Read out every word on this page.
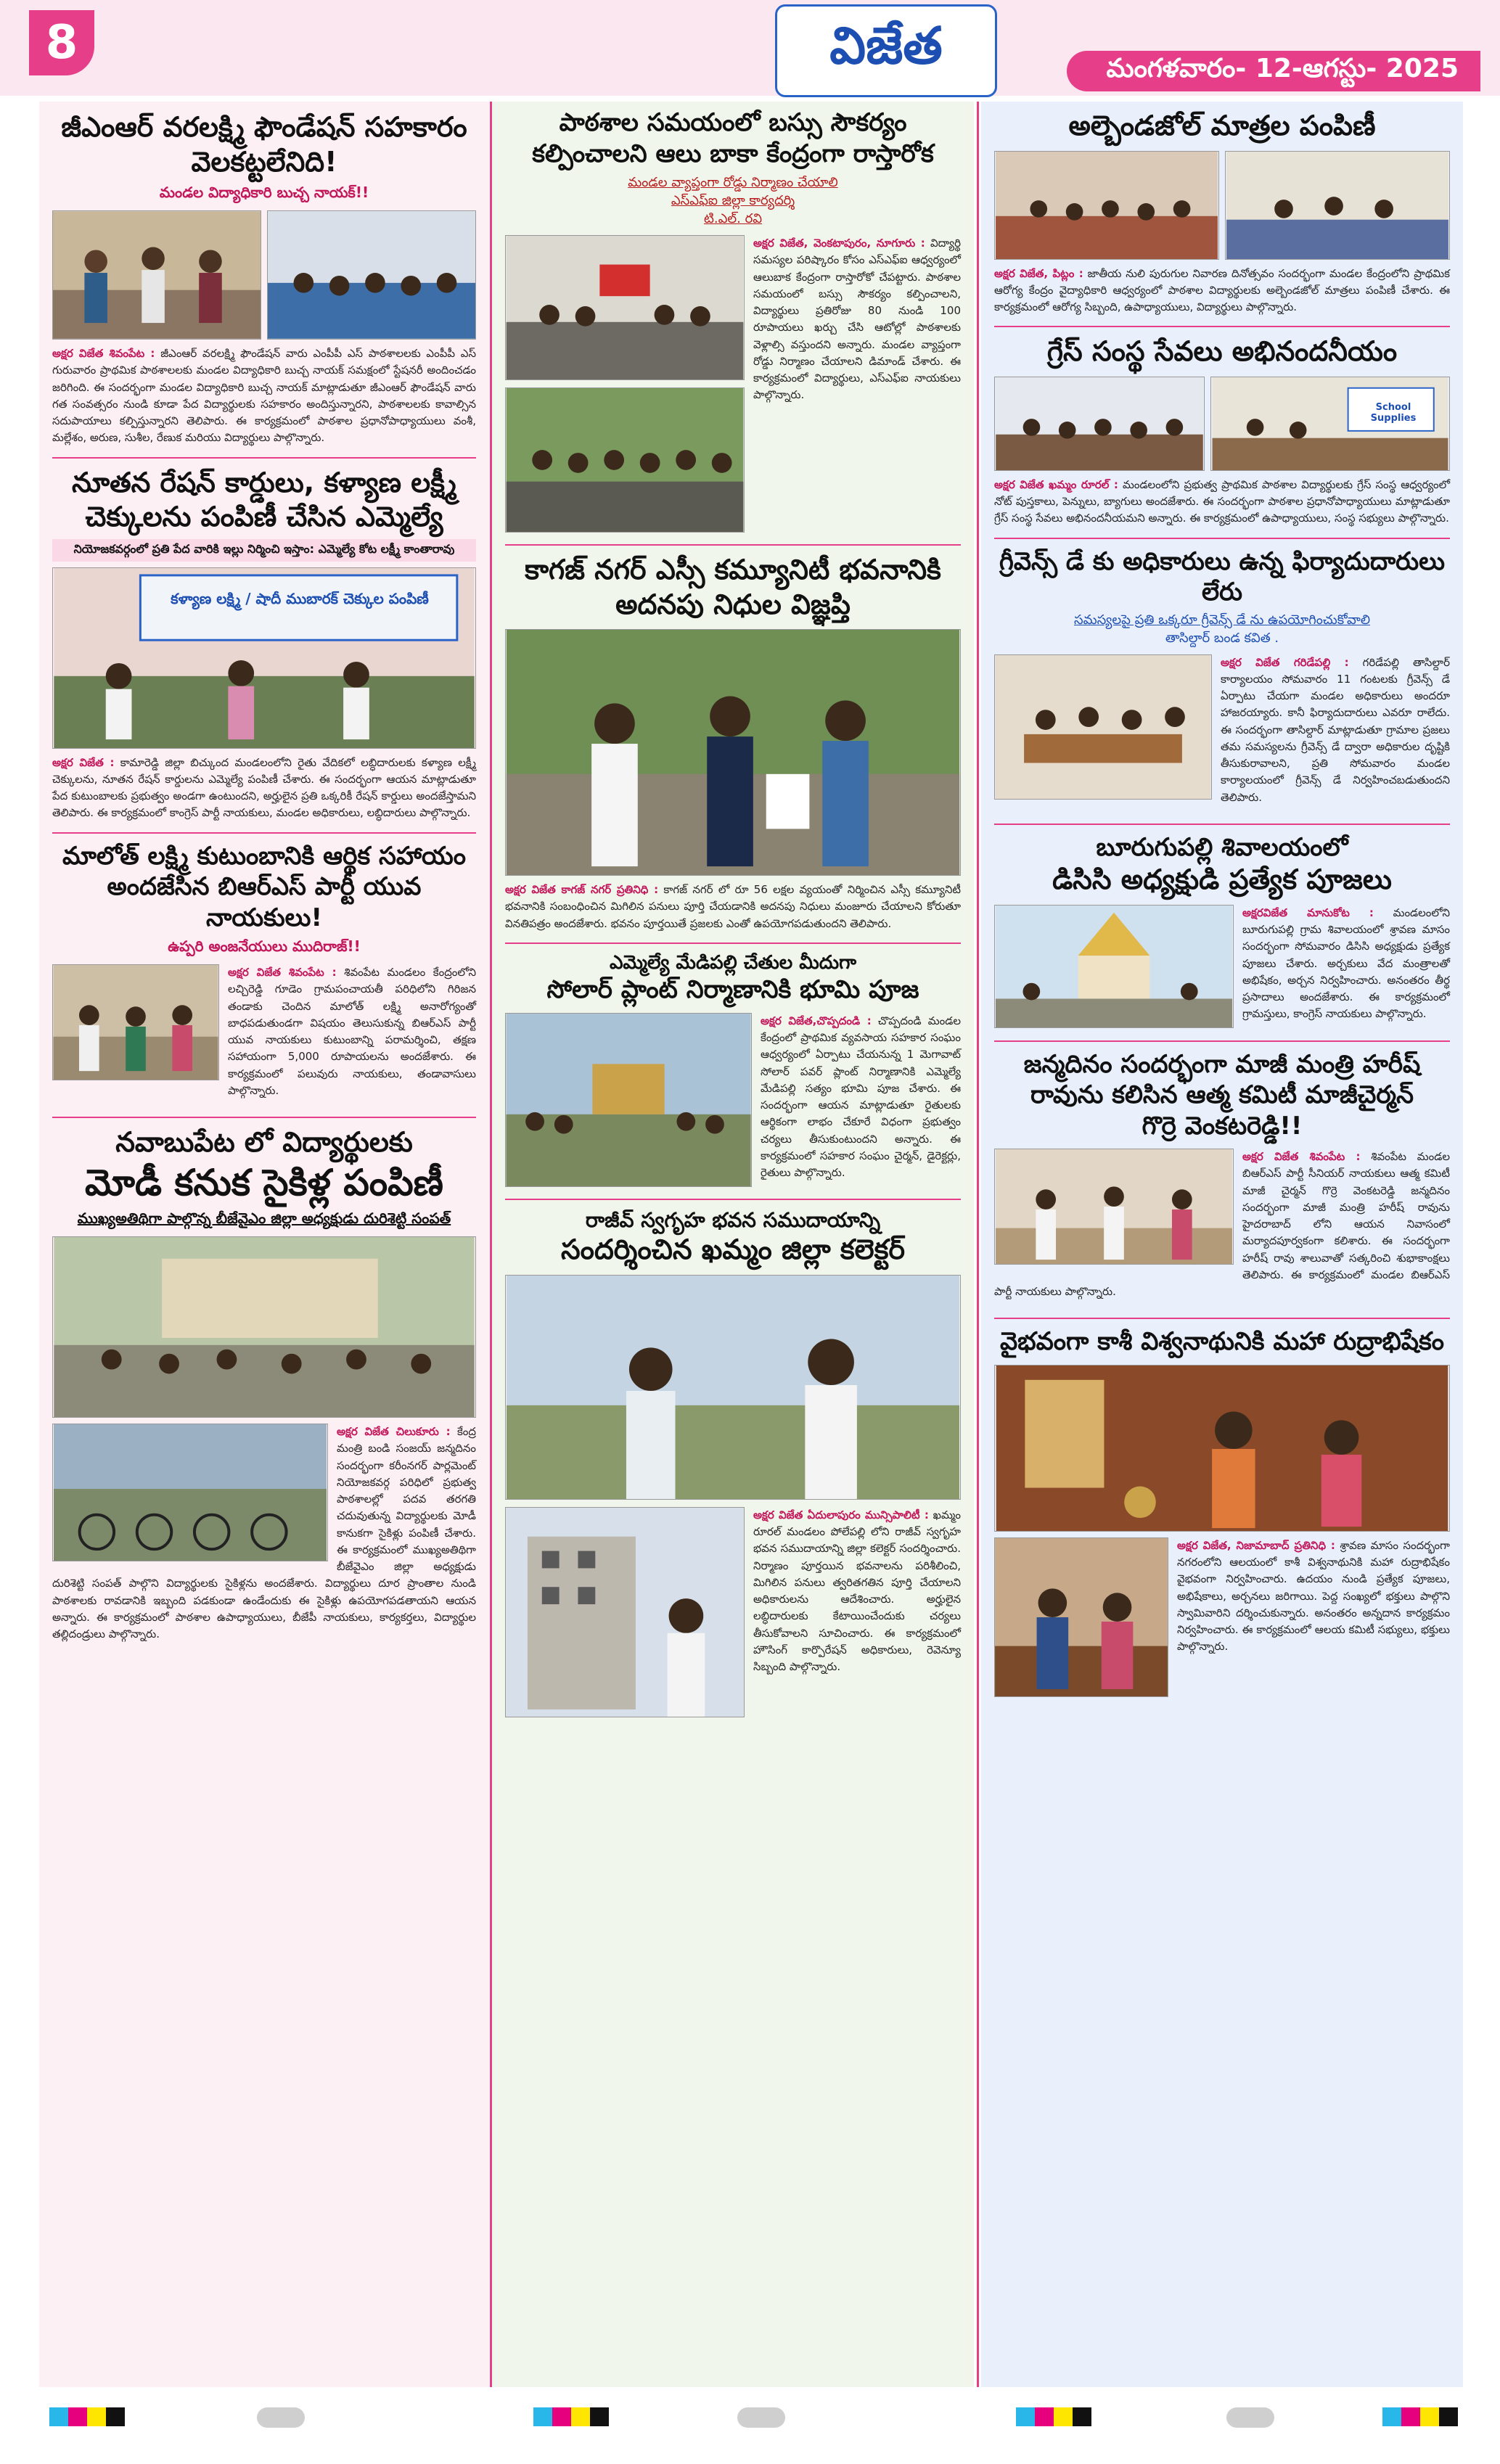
8	విజేత	మంగళవారం- 12-ఆగస్టు- 2025
జీఎంఆర్ వరలక్ష్మి ఫౌండేషన్ సహకారం వెలకట్టలేనిది!
మండల విద్యాధికారి బుచ్చ నాయక్!!
అక్షర విజేత శివంపేట : జీఎంఆర్ వరలక్ష్మి ఫౌండేషన్ వారు ఎంపీపీ ఎస్ పాఠశాలలకు ఎంపీపీ ఎస్ గురువారం ప్రాథమిక పాఠశాలలకు మండల విద్యాధికారి బుచ్చ నాయక్ సమక్షంలో స్టేషనరీ అందించడం జరిగింది. ఈ సందర్భంగా మండల విద్యాధికారి బుచ్చ నాయక్ మాట్లాడుతూ జీఎంఆర్ ఫౌండేషన్ వారు గత సంవత్సరం నుండి కూడా పేద విద్యార్థులకు సహకారం అందిస్తున్నారని, పాఠశాలలకు కావాల్సిన సదుపాయాలు కల్పిస్తున్నారని తెలిపారు. ఈ కార్యక్రమంలో పాఠశాల ప్రధానోపాధ్యాయులు వంశీ, మల్లేశం, అరుణ, సుశీల, రేణుక మరియు విద్యార్థులు పాల్గొన్నారు.
నూతన రేషన్ కార్డులు, కళ్యాణ లక్ష్మీ చెక్కులను పంపిణీ చేసిన ఎమ్మెల్యే
నియోజకవర్గంలో ప్రతి పేద వారికి ఇల్లు నిర్మించి ఇస్తాం: ఎమ్మెల్యే కోట లక్ష్మీ కాంతారావు
కళ్యాణ లక్ష్మి / షాదీ ముబారక్ చెక్కుల పంపిణీ
అక్షర విజేత : కామారెడ్డి జిల్లా బిచ్కుంద మండలంలోని రైతు వేదికలో లబ్ధిదారులకు కళ్యాణ లక్ష్మీ చెక్కులను, నూతన రేషన్ కార్డులను ఎమ్మెల్యే పంపిణీ చేశారు. ఈ సందర్భంగా ఆయన మాట్లాడుతూ పేద కుటుంబాలకు ప్రభుత్వం అండగా ఉంటుందని, అర్హులైన ప్రతి ఒక్కరికీ రేషన్ కార్డులు అందజేస్తామని తెలిపారు. ఈ కార్యక్రమంలో కాంగ్రెస్ పార్టీ నాయకులు, మండల అధికారులు, లబ్ధిదారులు పాల్గొన్నారు.
మాలోత్ లక్ష్మి కుటుంబానికి ఆర్థిక సహాయం అందజేసిన బిఆర్ఎస్ పార్టీ యువ నాయకులు!
ఉప్పరి అంజనేయులు ముదిరాజ్!!
అక్షర విజేత శివంపేట : శివంపేట మండలం కేంద్రంలోని లచ్చిరెడ్డి గూడెం గ్రామపంచాయతీ పరిధిలోని గిరిజన తండాకు చెందిన మాలోత్ లక్ష్మి అనారోగ్యంతో బాధపడుతుండగా విషయం తెలుసుకున్న బిఆర్ఎస్ పార్టీ యువ నాయకులు కుటుంబాన్ని పరామర్శించి, తక్షణ సహాయంగా 5,000 రూపాయలను అందజేశారు. ఈ కార్యక్రమంలో పలువురు నాయకులు, తండావాసులు పాల్గొన్నారు.
నవాబుపేట లో విద్యార్థులకు
మోడీ కనుక సైకిళ్ల పంపిణీ
ముఖ్యఅతిథిగా పాల్గొన్న బీజేవైఎం జిల్లా అధ్యక్షుడు దురిశెట్టి సంపత్
అక్షర విజేత చిలుకూరు : కేంద్ర మంత్రి బండి సంజయ్ జన్మదినం సందర్భంగా కరీంనగర్ పార్లమెంట్ నియోజకవర్గ పరిధిలో ప్రభుత్వ పాఠశాలల్లో పదవ తరగతి చదువుతున్న విద్యార్థులకు మోడీ కానుకగా సైకిళ్లు పంపిణీ చేశారు. ఈ కార్యక్రమంలో ముఖ్యఅతిథిగా బీజేవైఎం జిల్లా అధ్యక్షుడు దురిశెట్టి సంపత్ పాల్గొని విద్యార్థులకు సైకిళ్లను అందజేశారు. విద్యార్థులు దూర ప్రాంతాల నుండి పాఠశాలకు రావడానికి ఇబ్బంది పడకుండా ఉండేందుకు ఈ సైకిళ్లు ఉపయోగపడతాయని ఆయన అన్నారు. ఈ కార్యక్రమంలో పాఠశాల ఉపాధ్యాయులు, బీజేపీ నాయకులు, కార్యకర్తలు, విద్యార్థుల తల్లిదండ్రులు పాల్గొన్నారు.
పాఠశాల సమయంలో బస్సు సౌకర్యం కల్పించాలని ఆలు బాకా కేంద్రంగా రాస్తారోక
మండల వ్యాప్తంగా రోడ్డు నిర్మాణం చేయాలి
ఎస్ఎఫ్ఐ జిల్లా కార్యదర్శి
టి.ఎల్. రవి
అక్షర విజేత, వెంకటాపురం, నూగూరు : విద్యార్థి సమస్యల పరిష్కారం కోసం ఎస్ఎఫ్ఐ ఆధ్వర్యంలో ఆలుబాక కేంద్రంగా రాస్తారోకో చేపట్టారు. పాఠశాల సమయంలో బస్సు సౌకర్యం కల్పించాలని, విద్యార్థులు ప్రతిరోజు 80 నుండి 100 రూపాయలు ఖర్చు చేసి ఆటోల్లో పాఠశాలకు వెళ్లాల్సి వస్తుందని అన్నారు. మండల వ్యాప్తంగా రోడ్డు నిర్మాణం చేయాలని డిమాండ్ చేశారు. ఈ కార్యక్రమంలో విద్యార్థులు, ఎస్ఎఫ్ఐ నాయకులు పాల్గొన్నారు.
కాగజ్ నగర్ ఎస్సీ కమ్యూనిటీ భవనానికి అదనపు నిధుల విజ్ఞప్తి
అక్షర విజేత కాగజ్ నగర్ ప్రతినిధి : కాగజ్ నగర్ లో రూ 56 లక్షల వ్యయంతో నిర్మించిన ఎస్సీ కమ్యూనిటీ భవనానికి సంబంధించిన మిగిలిన పనులు పూర్తి చేయడానికి అదనపు నిధులు మంజూరు చేయాలని కోరుతూ వినతిపత్రం అందజేశారు. భవనం పూర్తయితే ప్రజలకు ఎంతో ఉపయోగపడుతుందని తెలిపారు.
ఎమ్మెల్యే మేడిపల్లి చేతుల మీదుగా
సోలార్ ప్లాంట్ నిర్మాణానికి భూమి పూజ
అక్షర విజేత,చొప్పదండి : చొప్పదండి మండల కేంద్రంలో ప్రాథమిక వ్యవసాయ సహకార సంఘం ఆధ్వర్యంలో ఏర్పాటు చేయనున్న 1 మెగావాట్ సోలార్ పవర్ ప్లాంట్ నిర్మాణానికి ఎమ్మెల్యే మేడిపల్లి సత్యం భూమి పూజ చేశారు. ఈ సందర్భంగా ఆయన మాట్లాడుతూ రైతులకు ఆర్థికంగా లాభం చేకూరే విధంగా ప్రభుత్వం చర్యలు తీసుకుంటుందని అన్నారు. ఈ కార్యక్రమంలో సహకార సంఘం చైర్మన్, డైరెక్టర్లు, రైతులు పాల్గొన్నారు.
రాజీవ్ స్వగృహ భవన సముదాయాన్ని
సందర్శించిన ఖమ్మం జిల్లా కలెక్టర్
అక్షర విజేత ఏదులాపురం మున్సిపాలిటీ : ఖమ్మం రూరల్ మండలం పోలేపల్లి లోని రాజీవ్ స్వగృహ భవన సముదాయాన్ని జిల్లా కలెక్టర్ సందర్శించారు. నిర్మాణం పూర్తయిన భవనాలను పరిశీలించి, మిగిలిన పనులు త్వరితగతిన పూర్తి చేయాలని అధికారులను ఆదేశించారు. అర్హులైన లబ్ధిదారులకు కేటాయించేందుకు చర్యలు తీసుకోవాలని సూచించారు. ఈ కార్యక్రమంలో హౌసింగ్ కార్పొరేషన్ అధికారులు, రెవెన్యూ సిబ్బంది పాల్గొన్నారు.
అల్బెండజోల్ మాత్రల పంపిణీ
అక్షర విజేత, పిట్లం : జాతీయ నులి పురుగుల నివారణ దినోత్సవం సందర్భంగా మండల కేంద్రంలోని ప్రాథమిక ఆరోగ్య కేంద్రం వైద్యాధికారి ఆధ్వర్యంలో పాఠశాల విద్యార్థులకు అల్బెండజోల్ మాత్రలు పంపిణీ చేశారు. ఈ కార్యక్రమంలో ఆరోగ్య సిబ్బంది, ఉపాధ్యాయులు, విద్యార్థులు పాల్గొన్నారు.
గ్రేస్ సంస్థ సేవలు అభినందనీయం
School Supplies
అక్షర విజేత ఖమ్మం రూరల్ : మండలంలోని ప్రభుత్వ ప్రాథమిక పాఠశాల విద్యార్థులకు గ్రేస్ సంస్థ ఆధ్వర్యంలో నోట్ పుస్తకాలు, పెన్నులు, బ్యాగులు అందజేశారు. ఈ సందర్భంగా పాఠశాల ప్రధానోపాధ్యాయులు మాట్లాడుతూ గ్రేస్ సంస్థ సేవలు అభినందనీయమని అన్నారు. ఈ కార్యక్రమంలో ఉపాధ్యాయులు, సంస్థ సభ్యులు పాల్గొన్నారు.
గ్రీవెన్స్ డే కు అధికారులు ఉన్న ఫిర్యాదుదారులు లేరు
సమస్యలపై ప్రతి ఒక్కరూ గ్రీవెన్స్ డే ను ఉపయోగించుకోవాలి
తాసిల్దార్ బండ కవిత .
అక్షర విజేత గరిడేపల్లి : గరిడేపల్లి తాసిల్దార్ కార్యాలయం సోమవారం 11 గంటలకు గ్రీవెన్స్ డే ఏర్పాటు చేయగా మండల అధికారులు అందరూ హాజరయ్యారు. కానీ ఫిర్యాదుదారులు ఎవరూ రాలేదు. ఈ సందర్భంగా తాసిల్దార్ మాట్లాడుతూ గ్రామాల ప్రజలు తమ సమస్యలను గ్రీవెన్స్ డే ద్వారా అధికారుల దృష్టికి తీసుకురావాలని, ప్రతి సోమవారం మండల కార్యాలయంలో గ్రీవెన్స్ డే నిర్వహించబడుతుందని తెలిపారు.
బూరుగుపల్లి శివాలయంలో
డిసిసి అధ్యక్షుడి ప్రత్యేక పూజలు
అక్షరవిజేత మానుకోట : మండలంలోని బూరుగుపల్లి గ్రామ శివాలయంలో శ్రావణ మాసం సందర్భంగా సోమవారం డిసిసి అధ్యక్షుడు ప్రత్యేక పూజలు చేశారు. అర్చకులు వేద మంత్రాలతో అభిషేకం, అర్చన నిర్వహించారు. అనంతరం తీర్థ ప్రసాదాలు అందజేశారు. ఈ కార్యక్రమంలో గ్రామస్తులు, కాంగ్రెస్ నాయకులు పాల్గొన్నారు.
జన్మదినం సందర్భంగా మాజీ మంత్రి హరీష్
రావును కలిసిన ఆత్మ కమిటీ మాజీచైర్మన్
గొర్రె వెంకటరెడ్డి!!
అక్షర విజేత శివంపేట : శివంపేట మండల బిఆర్ఎస్ పార్టీ సీనియర్ నాయకులు ఆత్మ కమిటీ మాజీ చైర్మన్ గొర్రె వెంకటరెడ్డి జన్మదినం సందర్భంగా మాజీ మంత్రి హరీష్ రావును హైదరాబాద్ లోని ఆయన నివాసంలో మర్యాదపూర్వకంగా కలిశారు. ఈ సందర్భంగా హరీష్ రావు శాలువాతో సత్కరించి శుభాకాంక్షలు తెలిపారు. ఈ కార్యక్రమంలో మండల బిఆర్ఎస్ పార్టీ నాయకులు పాల్గొన్నారు.
వైభవంగా కాశీ విశ్వనాథునికి మహా రుద్రాభిషేకం
అక్షర విజేత, నిజామాబాద్ ప్రతినిధి : శ్రావణ మాసం సందర్భంగా నగరంలోని ఆలయంలో కాశీ విశ్వనాథునికి మహా రుద్రాభిషేకం వైభవంగా నిర్వహించారు. ఉదయం నుండి ప్రత్యేక పూజలు, అభిషేకాలు, అర్చనలు జరిగాయి. పెద్ద సంఖ్యలో భక్తులు పాల్గొని స్వామివారిని దర్శించుకున్నారు. అనంతరం అన్నదాన కార్యక్రమం నిర్వహించారు. ఈ కార్యక్రమంలో ఆలయ కమిటీ సభ్యులు, భక్తులు పాల్గొన్నారు.
